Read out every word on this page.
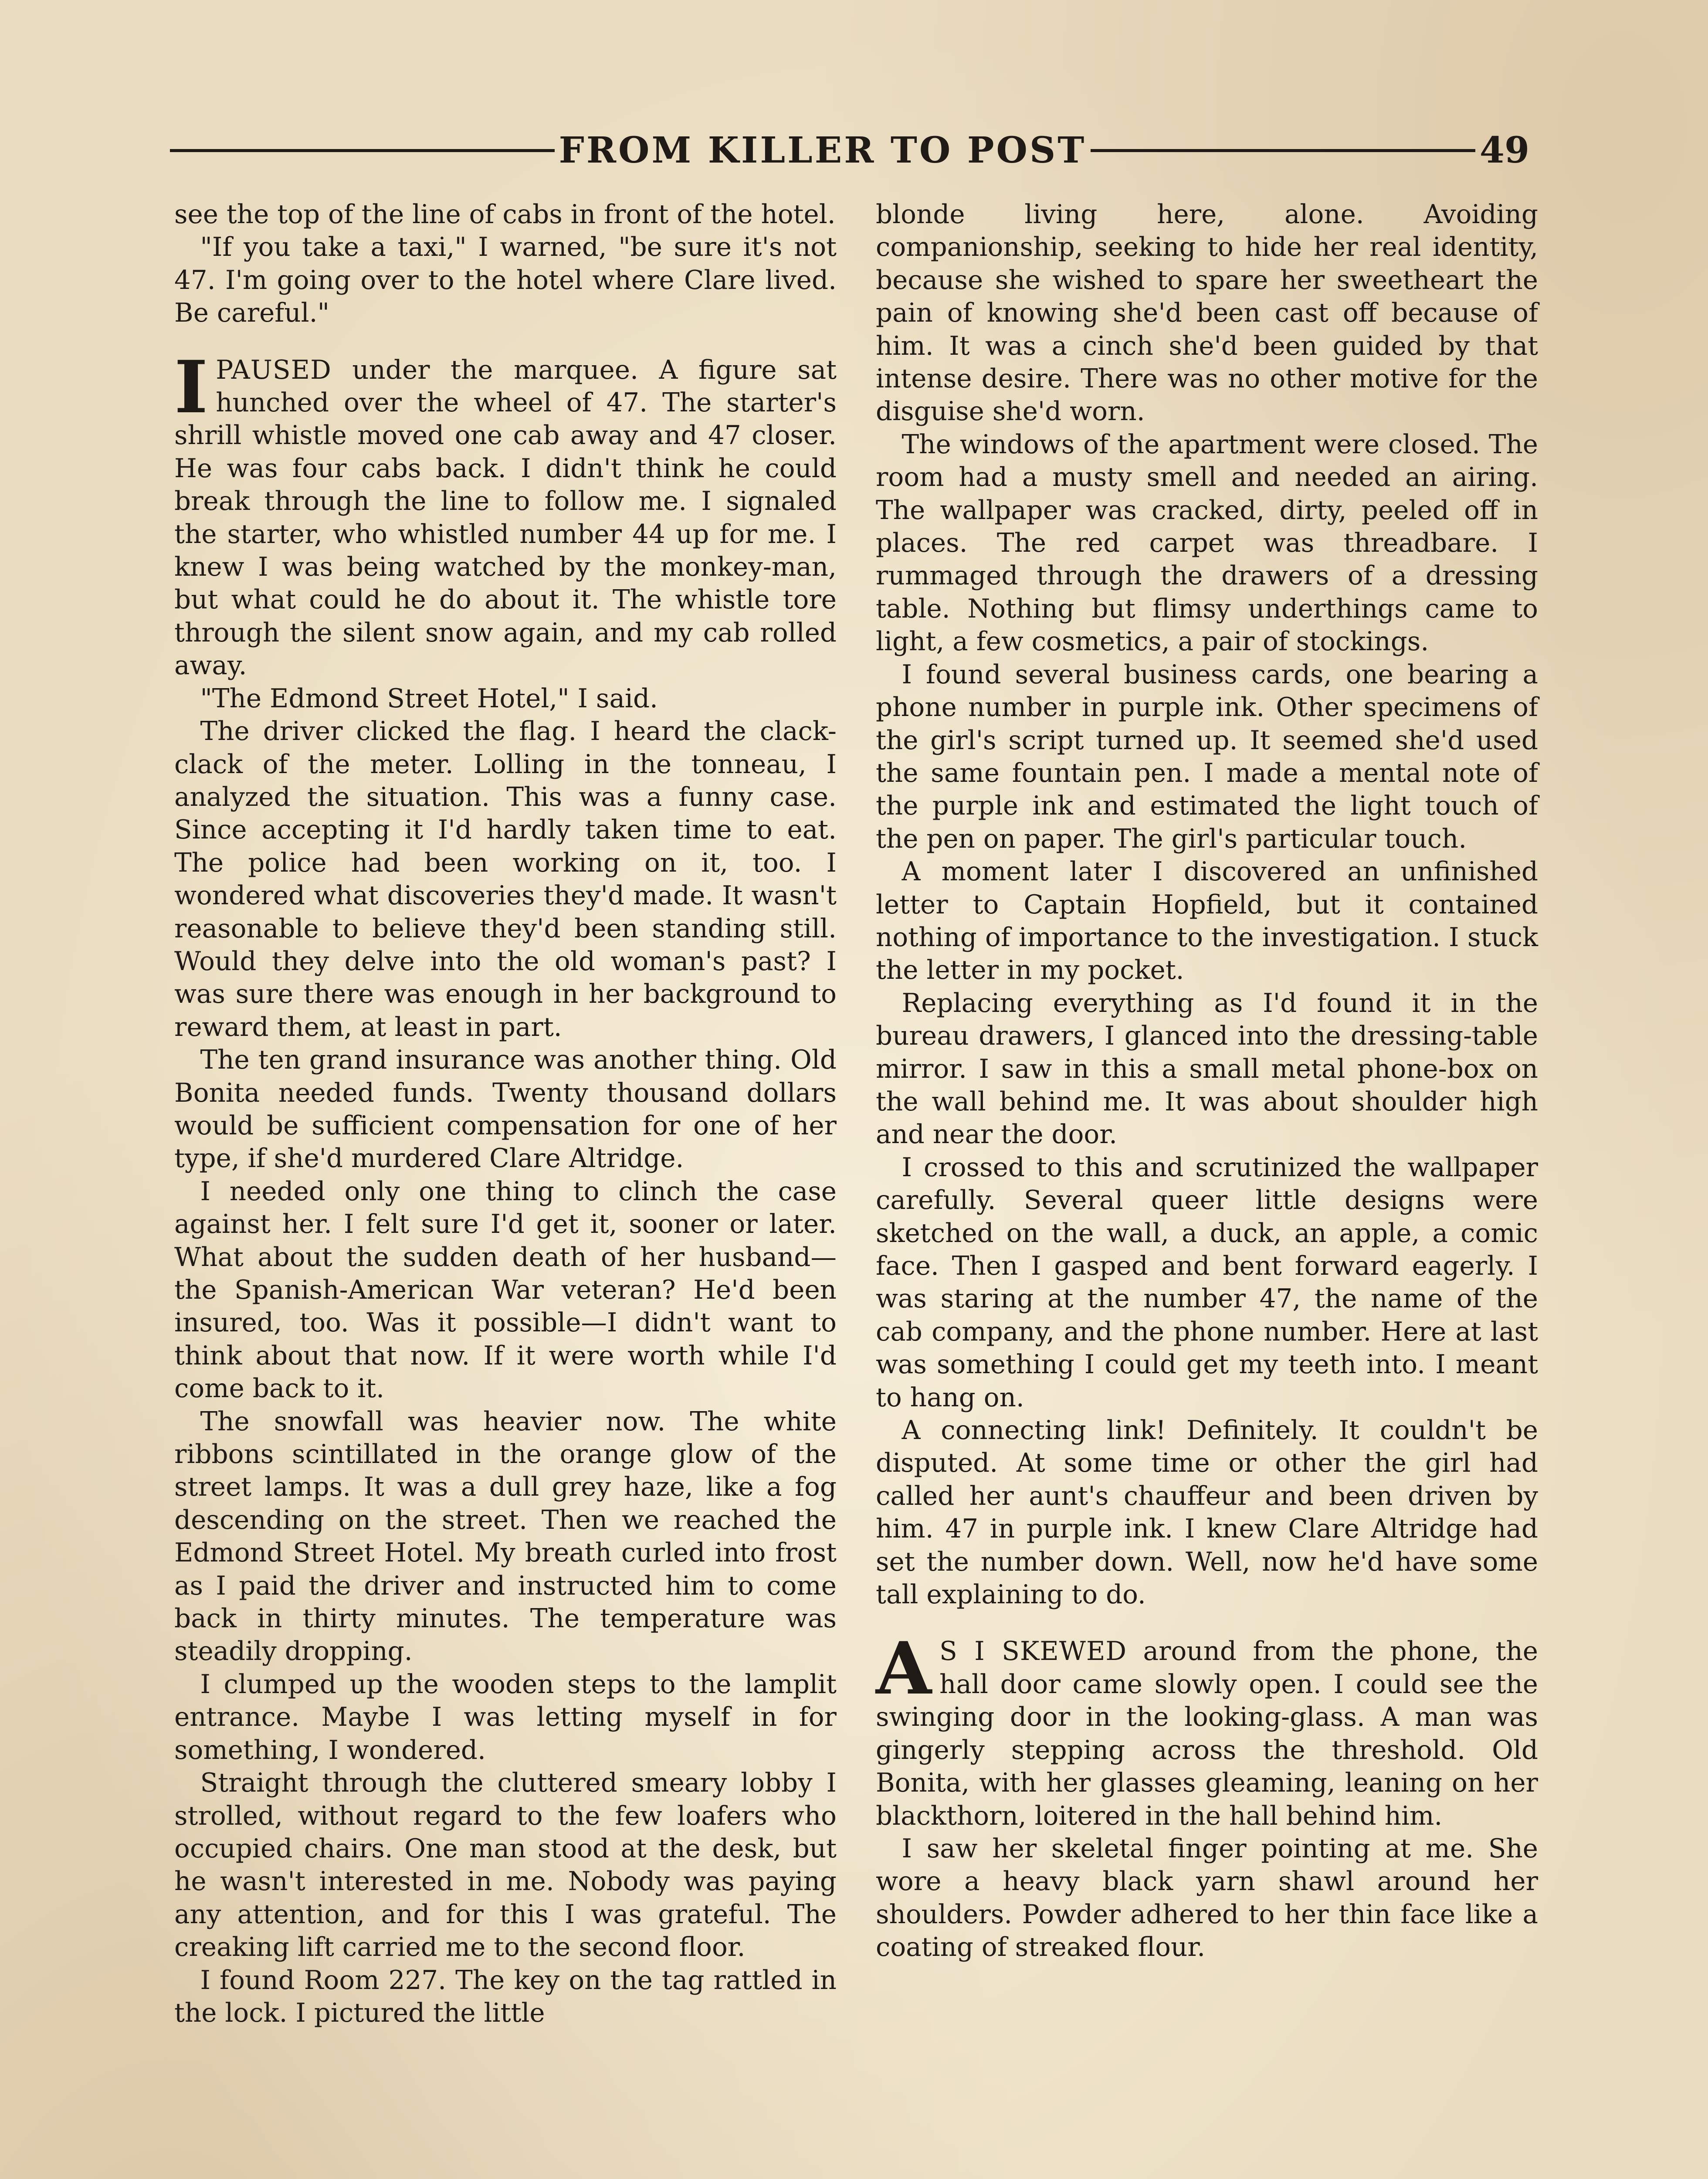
FROM KILLER TO POST	49

see the top of the line of cabs in front of the hotel.

"If you take a taxi," I warned, "be sure it's not 47. I'm going over to the hotel where Clare lived. Be careful."

IPAUSED under the marquee. A figure sat hunched over the wheel of 47. The starter's shrill whistle moved one cab away and 47 closer. He was four cabs back. I didn't think he could break through the line to follow me. I signaled the starter, who whistled number 44 up for me. I knew I was being watched by the monkey-man, but what could he do about it. The whistle tore through the silent snow again, and my cab rolled away.

"The Edmond Street Hotel," I said.

The driver clicked the flag. I heard the clack-clack of the meter. Lolling in the tonneau, I analyzed the situation. This was a funny case. Since accepting it I'd hardly taken time to eat. The police had been working on it, too. I wondered what discoveries they'd made. It wasn't reasonable to believe they'd been standing still. Would they delve into the old woman's past? I was sure there was enough in her background to reward them, at least in part.

The ten grand insurance was another thing. Old Bonita needed funds. Twenty thousand dollars would be sufficient compensation for one of her type, if she'd murdered Clare Altridge.

I needed only one thing to clinch the case against her. I felt sure I'd get it, sooner or later. What about the sudden death of her husband—the Spanish-American War veteran? He'd been insured, too. Was it possible—I didn't want to think about that now. If it were worth while I'd come back to it.

The snowfall was heavier now. The white ribbons scintillated in the orange glow of the street lamps. It was a dull grey haze, like a fog descending on the street. Then we reached the Edmond Street Hotel. My breath curled into frost as I paid the driver and instructed him to come back in thirty minutes. The temperature was steadily dropping.

I clumped up the wooden steps to the lamplit entrance. Maybe I was letting myself in for something, I wondered.

Straight through the cluttered smeary lobby I strolled, without regard to the few loafers who occupied chairs. One man stood at the desk, but he wasn't interested in me. Nobody was paying any attention, and for this I was grateful. The creaking lift carried me to the second floor.

I found Room 227. The key on the tag rattled in the lock. I pictured the little

blonde living here, alone. Avoiding companionship, seeking to hide her real identity, because she wished to spare her sweetheart the pain of knowing she'd been cast off because of him. It was a cinch she'd been guided by that intense desire. There was no other motive for the disguise she'd worn.

The windows of the apartment were closed. The room had a musty smell and needed an airing. The wallpaper was cracked, dirty, peeled off in places. The red carpet was threadbare. I rummaged through the drawers of a dressing table. Nothing but flimsy underthings came to light, a few cosmetics, a pair of stockings.

I found several business cards, one bearing a phone number in purple ink. Other specimens of the girl's script turned up. It seemed she'd used the same fountain pen. I made a mental note of the purple ink and estimated the light touch of the pen on paper. The girl's particular touch.

A moment later I discovered an unfinished letter to Captain Hopfield, but it contained nothing of importance to the investigation. I stuck the letter in my pocket.

Replacing everything as I'd found it in the bureau drawers, I glanced into the dressing-table mirror. I saw in this a small metal phone-box on the wall behind me. It was about shoulder high and near the door.

I crossed to this and scrutinized the wallpaper carefully. Several queer little designs were sketched on the wall, a duck, an apple, a comic face. Then I gasped and bent forward eagerly. I was staring at the number 47, the name of the cab company, and the phone number. Here at last was something I could get my teeth into. I meant to hang on.

A connecting link! Definitely. It couldn't be disputed. At some time or other the girl had called her aunt's chauffeur and been driven by him. 47 in purple ink. I knew Clare Altridge had set the number down. Well, now he'd have some tall explaining to do.

A S I SKEWED around from the phone, the hall door came slowly open. I could see the swinging door in the looking-glass. A man was gingerly stepping across the threshold. Old Bonita, with her glasses gleaming, leaning on her blackthorn, loitered in the hall behind him.

I saw her skeletal finger pointing at me. She wore a heavy black yarn shawl around her shoulders. Powder adhered to her thin face like a coating of streaked flour.
